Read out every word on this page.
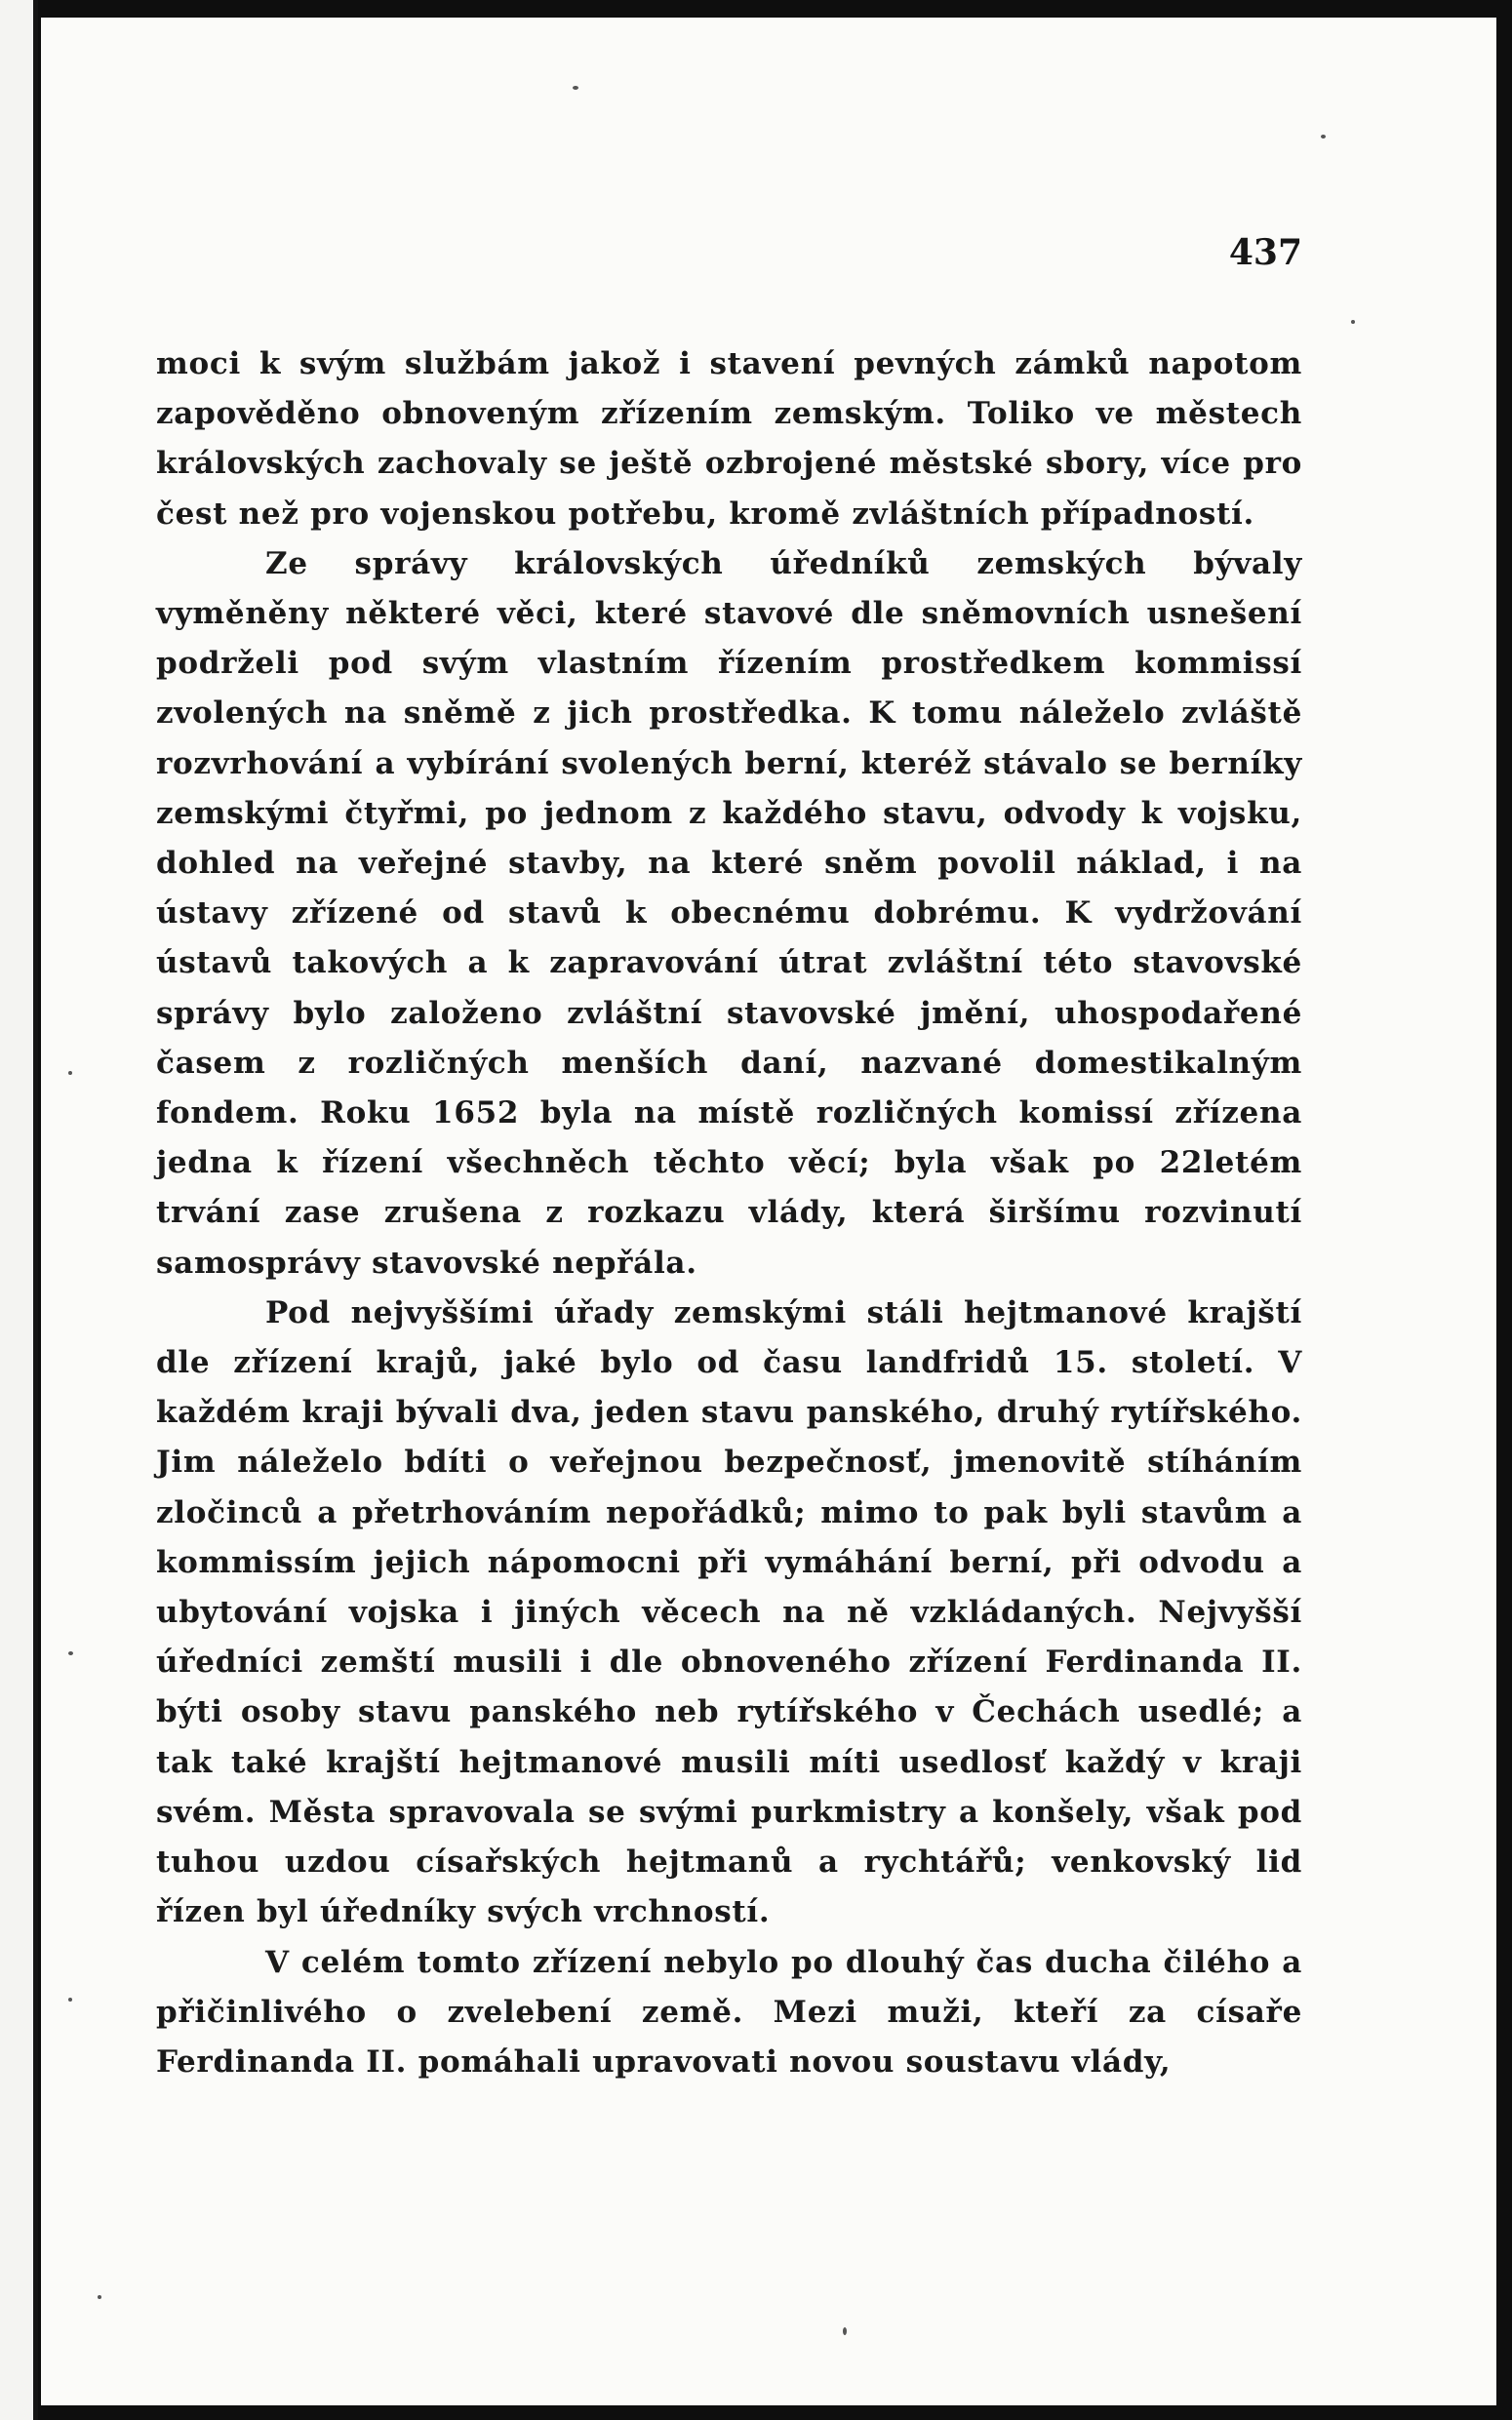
437

moci k svým službám jakož i stavení pevných zámků napotom zapověděno obnoveným zřízením zemským. Toliko ve městech královských zachovaly se ještě ozbrojené městské sbory, více pro čest než pro vojenskou potřebu, kromě zvláštních případností.

Ze správy královských úředníků zemských bývaly vyměněny některé věci, které stavové dle sněmovních usnešení podrželi pod svým vlastním řízením prostředkem kommissí zvolených na sněmě z jich prostředka. K tomu náleželo zvláště rozvrhování a vybírání svolených berní, kteréž stávalo se berníky zemskými čtyřmi, po jednom z každého stavu, odvody k vojsku, dohled na veřejné stavby, na které sněm povolil náklad, i na ústavy zřízené od stavů k obecnému dobrému. K vydržování ústavů takových a k zapravování útrat zvláštní této stavovské správy bylo založeno zvláštní stavovské jmění, uhospodařené časem z rozličných menších daní, nazvané domestikalným fondem. Roku 1652 byla na místě rozličných komissí zřízena jedna k řízení všechněch těchto věcí; byla však po 22letém trvání zase zrušena z rozkazu vlády, která širšímu rozvinutí samosprávy stavovské nepřála.

Pod nejvyššími úřady zemskými stáli hejtmanové krajští dle zřízení krajů, jaké bylo od času landfridů 15. století. V každém kraji bývali dva, jeden stavu panského, druhý rytířského. Jim náleželo bdíti o veřejnou bezpečnosť, jmenovitě stíháním zločinců a přetrhováním nepořádků; mimo to pak byli stavům a kommissím jejich nápomocni při vymáhání berní, při odvodu a ubytování vojska i jiných věcech na ně vzkládaných. Nejvyšší úředníci zemští musili i dle obnoveného zřízení Ferdinanda II. býti osoby stavu panského neb rytířského v Čechách usedlé; a tak také krajští hejtmanové musili míti usedlosť každý v kraji svém. Města spravovala se svými purkmistry a konšely, však pod tuhou uzdou císařských hejtmanů a rychtářů; venkovský lid řízen byl úředníky svých vrchností.

V celém tomto zřízení nebylo po dlouhý čas ducha čilého a přičinlivého o zvelebení země. Mezi muži, kteří za císaře Ferdinanda II. pomáhali upravovati novou soustavu vlády,
